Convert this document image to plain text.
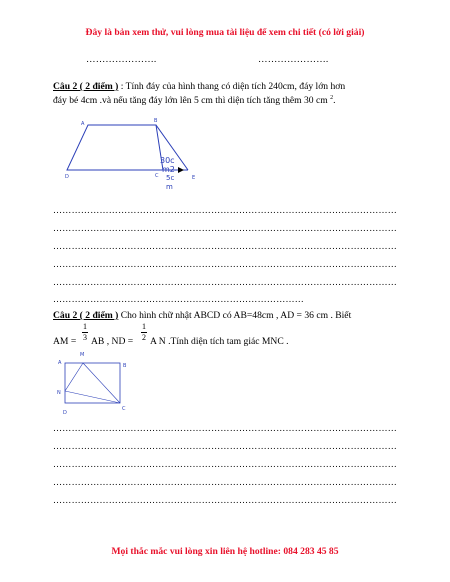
Đây là bản xem thử, vui lòng mua tài liệu để xem chi tiết (có lời giải)
………………….	………………….
Câu 2 ( 2 điểm ) : Tính đáy của hình thang có diện tích 240cm, đáy lớn hơn
đáy bé 4cm .và nếu tăng đáy lớn lên 5 cm thì diện tích tăng thêm 30 cm $^2$.
A	B
D	C	E
30c
m2
5c
m
…………………………………………………………………………………………………
…………………………………………………………………………………………………
…………………………………………………………………………………………………
…………………………………………………………………………………………………
…………………………………………………………………………………………………
………………………………………………………………………
Câu 2 ( 2 điểm ) Cho hình chữ nhật ABCD có AB=48cm , AD = 36 cm . Biết
AM =
1
3 AB , ND =
1
2 A N .Tính diện tích tam giác MNC .
A
M
B
N
D
C
…………………………………………………………………………………………………
…………………………………………………………………………………………………
…………………………………………………………………………………………………
…………………………………………………………………………………………………
…………………………………………………………………………………………………
Mọi thắc mắc vui lòng xin liên hệ hotline: 084 283 45 85
